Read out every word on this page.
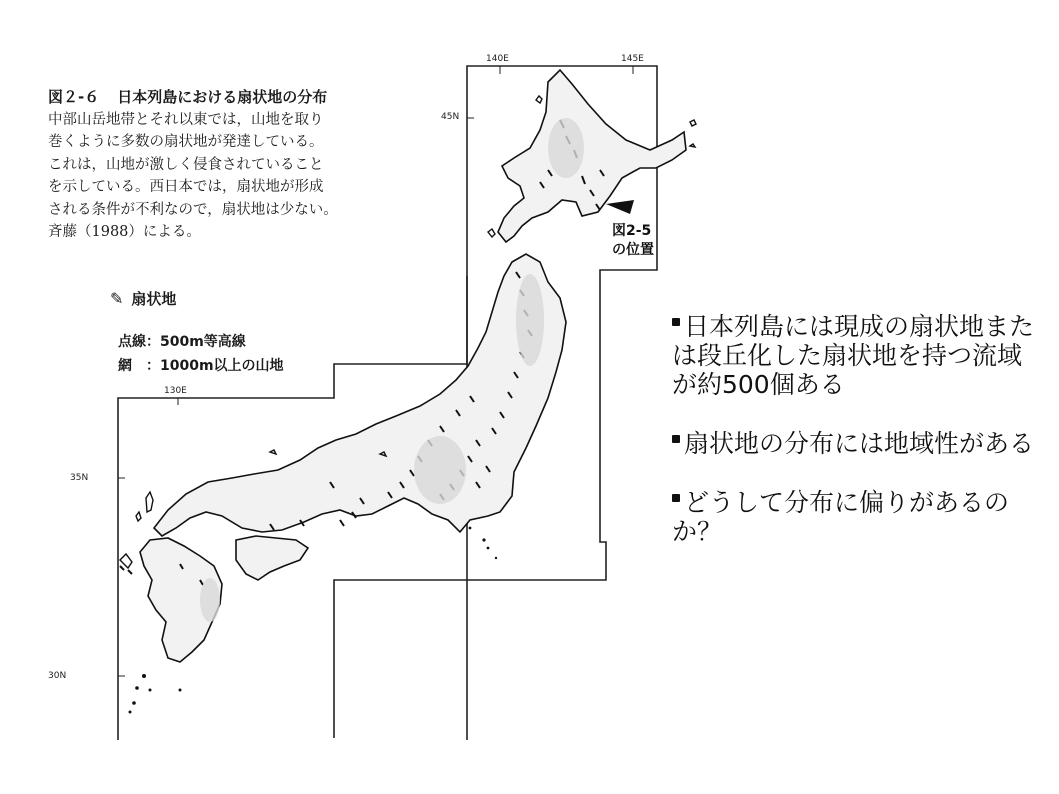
140E	145E
130E
45N
35N
30N
図２-６ 日本列島における扇状地の分布
中部山岳地帯とそれ以東では，山地を取り
巻くように多数の扇状地が発達している。
これは，山地が激しく侵食されていること
を示している。西日本では，扇状地が形成
される条件が不利なので，扇状地は少ない。
斉藤（1988）による。
✎ 扇状地
点線：500m等高線
網　：1000m以上の山地
図2-5
の位置
日本列島には現成の扇状地または段丘化した扇状地を持つ流域が約500個ある
扇状地の分布には地域性がある
どうして分布に偏りがあるのか？
